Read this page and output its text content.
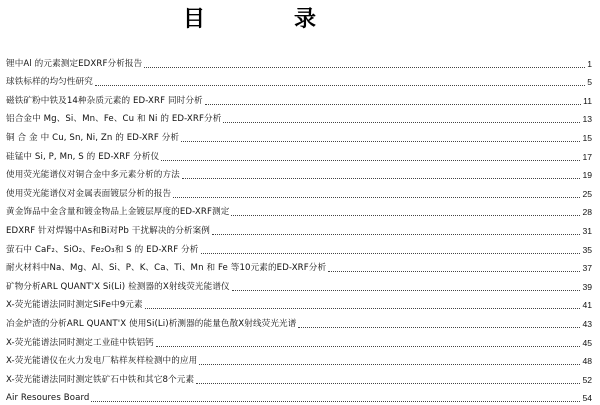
目	录
锂中Al 的元素测定EDXRF分析报告	1
球铁标样的均匀性研究	5
磁铁矿粉中铁及14种杂质元素的 ED-XRF 同时分析	11
铝合金中 Mg、Si、Mn、Fe、Cu 和 Ni 的 ED-XRF分析	13
铜 合 金 中 Cu, Sn, Ni, Zn 的 ED-XRF 分析	15
硅锰中 Si, P, Mn, S 的 ED-XRF 分析仪	17
使用荧光能谱仪对铜合金中多元素分析的方法	19
使用荧光能谱仪对金属表面镀层分析的报告	25
黄金饰品中金含量和镀金物品上金镀层厚度的ED-XRF测定	28
EDXRF 针对焊锡中As和Bi对Pb 干扰解决的分析案例	31
萤石中 CaF₂、SiO₂、Fe₂O₃和 S 的 ED-XRF 分析	35
耐火材料中Na、Mg、Al、Si、P、K、Ca、Ti、Mn 和 Fe 等10元素的ED-XRF分析	37
矿物分析ARL QUANT'X Si(Li) 检测器的X射线荧光能谱仪	39
X-荧光能谱法同时测定SiFe中9元素	41
冶金炉渣的分析ARL QUANT'X 使用Si(Li)析测器的能量色散X射线荧光光谱	43
X-荧光能谱法同时测定工业硅中铁铝钙	45
X-荧光能谱仪在火力发电厂粘样灰样检测中的应用	48
X-荧光能谱法同时测定铁矿石中铁和其它8个元素	52
Air Resoures Board	54
